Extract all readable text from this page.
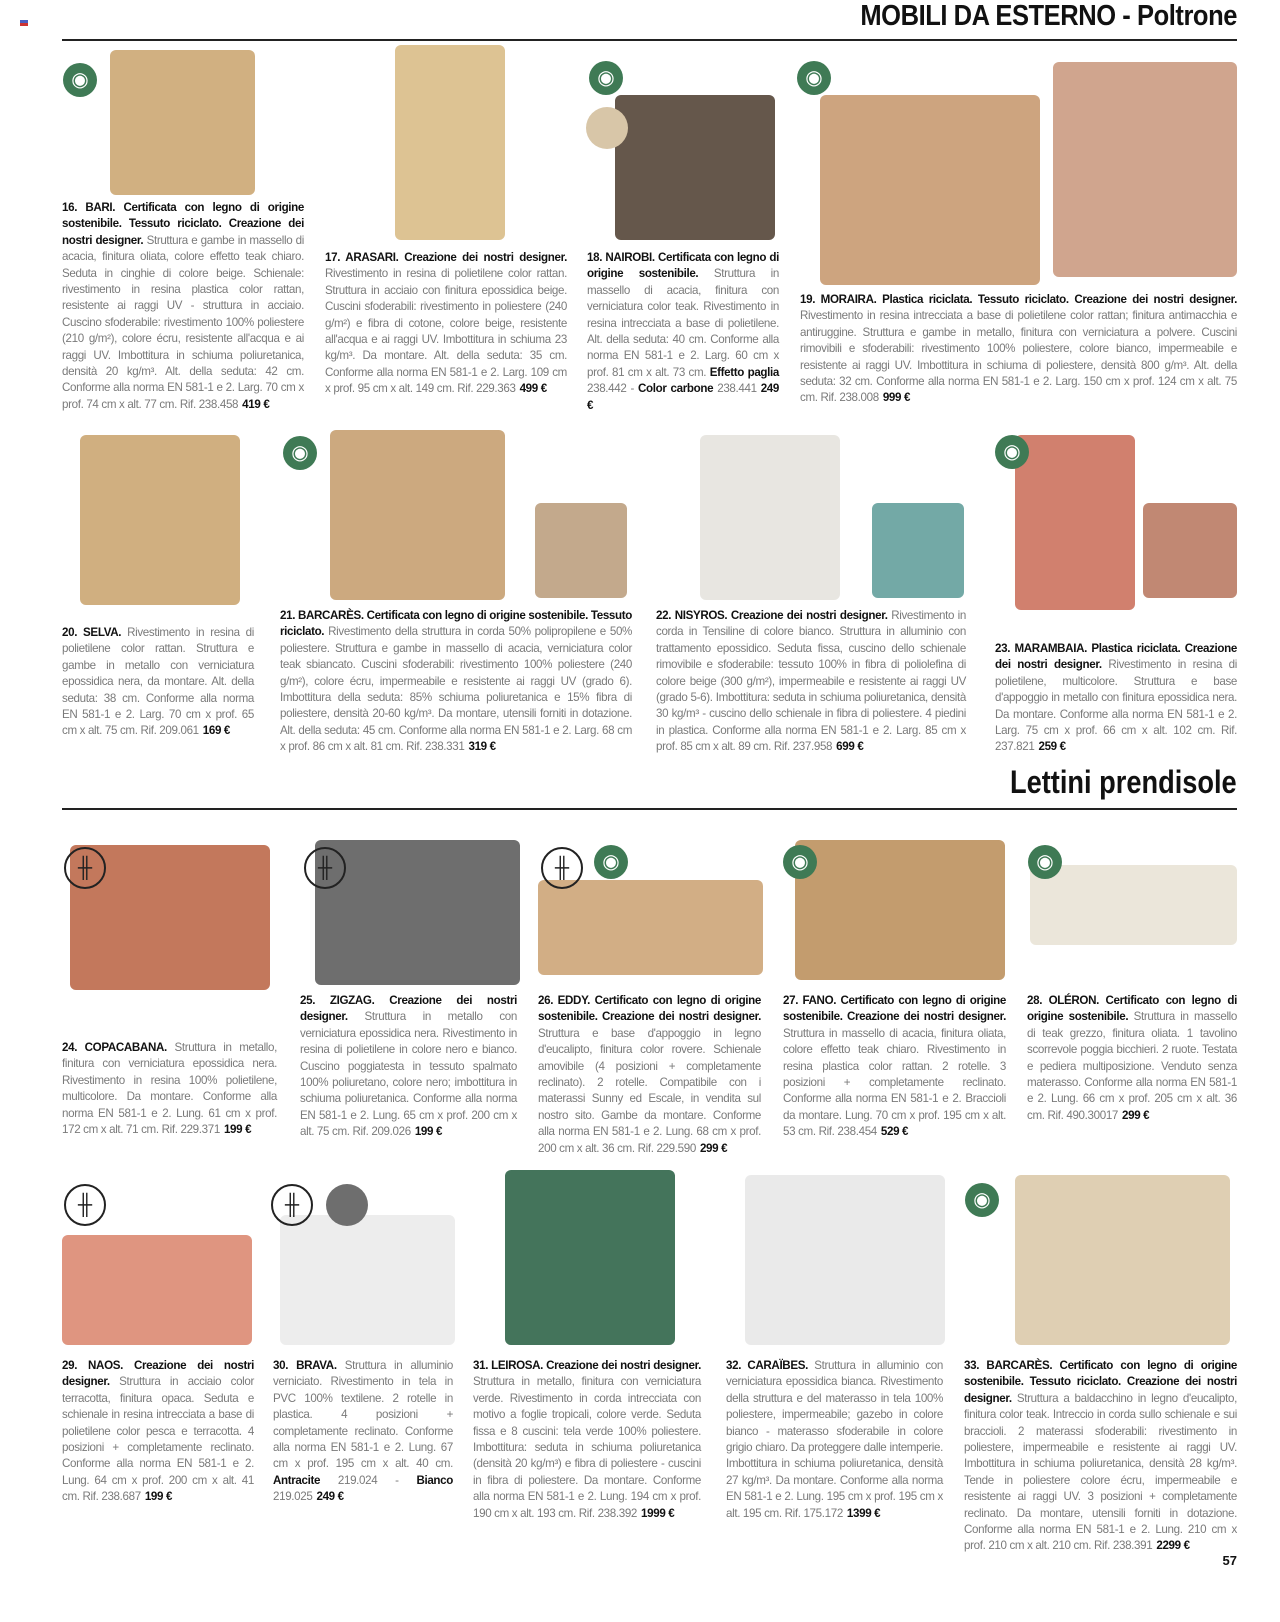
MOBILI DA ESTERNO - Poltrone
Lettini prendisole
57
◉
16. BARI. Certificata con legno di origine sostenibile. Tessuto riciclato. Creazione dei nostri designer. Struttura e gambe in massello di acacia, finitura oliata, colore effetto teak chiaro. Seduta in cinghie di colore beige. Schienale: rivestimento in resina plastica color rattan, resistente ai raggi UV - struttura in acciaio. Cuscino sfoderabile: rivestimento 100% poliestere (210 g/m²), colore écru, resistente all'acqua e ai raggi UV. Imbottitura in schiuma poliuretanica, densità 20 kg/m³. Alt. della seduta: 42 cm. Conforme alla norma EN 581-1 e 2. Larg. 70 cm x prof. 74 cm x alt. 77 cm. Rif. 238.458 419 €
17. ARASARI. Creazione dei nostri designer. Rivestimento in resina di polietilene color rattan. Struttura in acciaio con finitura epossidica beige. Cuscini sfoderabili: rivestimento in poliestere (240 g/m²) e fibra di cotone, colore beige, resistente all'acqua e ai raggi UV. Imbottitura in schiuma 23 kg/m³. Da montare. Alt. della seduta: 35 cm. Conforme alla norma EN 581-1 e 2. Larg. 109 cm x prof. 95 cm x alt. 149 cm. Rif. 229.363 499 €
◉
18. NAIROBI. Certificata con legno di origine sostenibile. Struttura in massello di acacia, finitura con verniciatura color teak. Rivestimento in resina intrecciata a base di polietilene. Alt. della seduta: 40 cm. Conforme alla norma EN 581-1 e 2. Larg. 60 cm x prof. 81 cm x alt. 73 cm. Effetto paglia 238.442 - Color carbone 238.441 249 €
◉
19. MORAIRA. Plastica riciclata. Tessuto riciclato. Creazione dei nostri designer. Rivestimento in resina intrecciata a base di polietilene color rattan; finitura antimacchia e antiruggine. Struttura e gambe in metallo, finitura con verniciatura a polvere. Cuscini rimovibili e sfoderabili: rivestimento 100% poliestere, colore bianco, impermeabile e resistente ai raggi UV. Imbottitura in schiuma di poliestere, densità 800 g/m³. Alt. della seduta: 32 cm. Conforme alla norma EN 581-1 e 2. Larg. 150 cm x prof. 124 cm x alt. 75 cm. Rif. 238.008 999 €
20. SELVA. Rivestimento in resina di polietilene color rattan. Struttura e gambe in metallo con verniciatura epossidica nera, da montare. Alt. della seduta: 38 cm. Conforme alla norma EN 581-1 e 2. Larg. 70 cm x prof. 65 cm x alt. 75 cm. Rif. 209.061 169 €
◉
21. BARCARÈS. Certificata con legno di origine sostenibile. Tessuto riciclato. Rivestimento della struttura in corda 50% polipropilene e 50% poliestere. Struttura e gambe in massello di acacia, verniciatura color teak sbiancato. Cuscini sfoderabili: rivestimento 100% poliestere (240 g/m²), colore écru, impermeabile e resistente ai raggi UV (grado 6). Imbottitura della seduta: 85% schiuma poliuretanica e 15% fibra di poliestere, densità 20-60 kg/m³. Da montare, utensili forniti in dotazione. Alt. della seduta: 45 cm. Conforme alla norma EN 581-1 e 2. Larg. 68 cm x prof. 86 cm x alt. 81 cm. Rif. 238.331 319 €
22. NISYROS. Creazione dei nostri designer. Rivestimento in corda in Tensiline di colore bianco. Struttura in alluminio con trattamento epossidico. Seduta fissa, cuscino dello schienale rimovibile e sfoderabile: tessuto 100% in fibra di poliolefina di colore beige (300 g/m²), impermeabile e resistente ai raggi UV (grado 5-6). Imbottitura: seduta in schiuma poliuretanica, densità 30 kg/m³ - cuscino dello schienale in fibra di poliestere. 4 piedini in plastica. Conforme alla norma EN 581-1 e 2. Larg. 85 cm x prof. 85 cm x alt. 89 cm. Rif. 237.958 699 €
◉
23. MARAMBAIA. Plastica riciclata. Creazione dei nostri designer. Rivestimento in resina di polietilene, multicolore. Struttura e base d'appoggio in metallo con finitura epossidica nera. Da montare. Conforme alla norma EN 581-1 e 2. Larg. 75 cm x prof. 66 cm x alt. 102 cm. Rif. 237.821 259 €
╫
24. COPACABANA. Struttura in metallo, finitura con verniciatura epossidica nera. Rivestimento in resina 100% polietilene, multicolore. Da montare. Conforme alla norma EN 581-1 e 2. Lung. 61 cm x prof. 172 cm x alt. 71 cm. Rif. 229.371 199 €
╫
25. ZIGZAG. Creazione dei nostri designer. Struttura in metallo con verniciatura epossidica nera. Rivestimento in resina di polietilene in colore nero e bianco. Cuscino poggiatesta in tessuto spalmato 100% poliuretano, colore nero; imbottitura in schiuma poliuretanica. Conforme alla norma EN 581-1 e 2. Lung. 65 cm x prof. 200 cm x alt. 75 cm. Rif. 209.026 199 €
◉
╫
26. EDDY. Certificato con legno di origine sostenibile. Creazione dei nostri designer. Struttura e base d'appoggio in legno d'eucalipto, finitura color rovere. Schienale amovibile (4 posizioni + completamente reclinato). 2 rotelle. Compatibile con i materassi Sunny ed Escale, in vendita sul nostro sito. Gambe da montare. Conforme alla norma EN 581-1 e 2. Lung. 68 cm x prof. 200 cm x alt. 36 cm. Rif. 229.590 299 €
◉
27. FANO. Certificato con legno di origine sostenibile. Creazione dei nostri designer. Struttura in massello di acacia, finitura oliata, colore effetto teak chiaro. Rivestimento in resina plastica color rattan. 2 rotelle. 3 posizioni + completamente reclinato. Conforme alla norma EN 581-1 e 2. Braccioli da montare. Lung. 70 cm x prof. 195 cm x alt. 53 cm. Rif. 238.454 529 €
◉
28. OLÉRON. Certificato con legno di origine sostenibile. Struttura in massello di teak grezzo, finitura oliata. 1 tavolino scorrevole poggia bicchieri. 2 ruote. Testata e pediera multiposizione. Venduto senza materasso. Conforme alla norma EN 581-1 e 2. Lung. 66 cm x prof. 205 cm x alt. 36 cm. Rif. 490.30017 299 €
╫
29. NAOS. Creazione dei nostri designer. Struttura in acciaio color terracotta, finitura opaca. Seduta e schienale in resina intrecciata a base di polietilene color pesca e terracotta. 4 posizioni + completamente reclinato. Conforme alla norma EN 581-1 e 2. Lung. 64 cm x prof. 200 cm x alt. 41 cm. Rif. 238.687 199 €
╫
30. BRAVA. Struttura in alluminio verniciato. Rivestimento in tela in PVC 100% textilene. 2 rotelle in plastica. 4 posizioni + completamente reclinato. Conforme alla norma EN 581-1 e 2. Lung. 67 cm x prof. 195 cm x alt. 40 cm. Antracite 219.024 - Bianco 219.025 249 €
31. LEIROSA. Creazione dei nostri designer. Struttura in metallo, finitura con verniciatura verde. Rivestimento in corda intrecciata con motivo a foglie tropicali, colore verde. Seduta fissa e 8 cuscini: tela verde 100% poliestere. Imbottitura: seduta in schiuma poliuretanica (densità 20 kg/m³) e fibra di poliestere - cuscini in fibra di poliestere. Da montare. Conforme alla norma EN 581-1 e 2. Lung. 194 cm x prof. 190 cm x alt. 193 cm. Rif. 238.392 1999 €
32. CARAÏBES. Struttura in alluminio con verniciatura epossidica bianca. Rivestimento della struttura e del materasso in tela 100% poliestere, impermeabile; gazebo in colore bianco - materasso sfoderabile in colore grigio chiaro. Da proteggere dalle intemperie. Imbottitura in schiuma poliuretanica, densità 27 kg/m³. Da montare. Conforme alla norma EN 581-1 e 2. Lung. 195 cm x prof. 195 cm x alt. 195 cm. Rif. 175.172 1399 €
◉
33. BARCARÈS. Certificato con legno di origine sostenibile. Tessuto riciclato. Creazione dei nostri designer. Struttura a baldacchino in legno d'eucalipto, finitura color teak. Intreccio in corda sullo schienale e sui braccioli. 2 materassi sfoderabili: rivestimento in poliestere, impermeabile e resistente ai raggi UV. Imbottitura in schiuma poliuretanica, densità 28 kg/m³. Tende in poliestere colore écru, impermeabile e resistente ai raggi UV. 3 posizioni + completamente reclinato. Da montare, utensili forniti in dotazione. Conforme alla norma EN 581-1 e 2. Lung. 210 cm x prof. 210 cm x alt. 210 cm. Rif. 238.391 2299 €
